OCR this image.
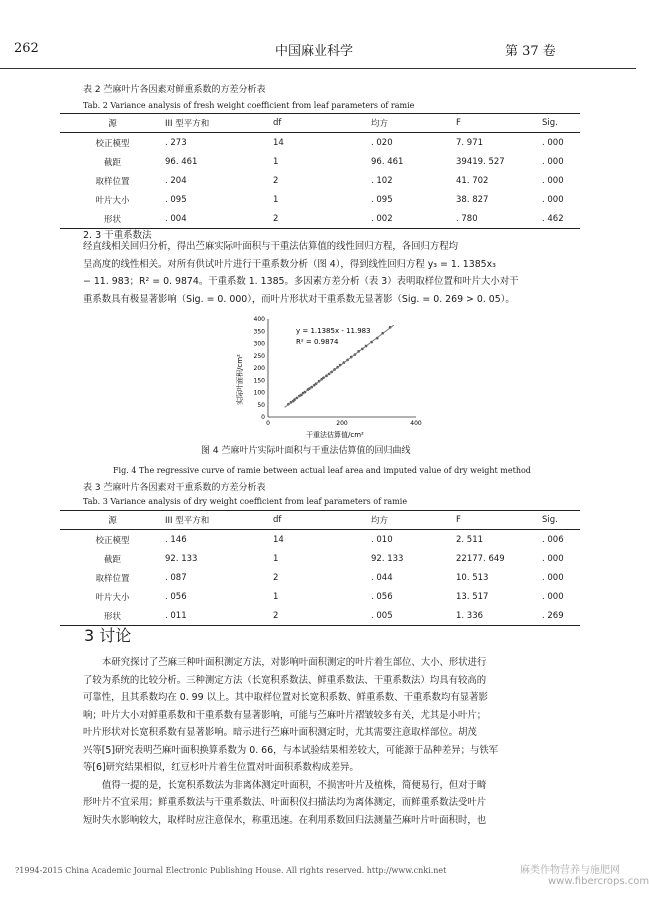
262	中国麻业科学	第 37 卷
表 2 苎麻叶片各因素对鲜重系数的方差分析表
Tab. 2 Variance analysis of fresh weight coefficient from leaf parameters of ramie
源	III 型平方和	df	均方	F	Sig.
校正模型	. 273	14	. 020	7. 971	. 000
截距	96. 461	1	96. 461	39419. 527	. 000
取样位置	. 204	2	. 102	41. 702	. 000
叶片大小	. 095	1	. 095	38. 827	. 000
形状	. 004	2	. 002	. 780	. 462
2. 3 干重系数法

经直线相关回归分析，得出苎麻实际叶面积与干重法估算值的线性回归方程，各回归方程均

呈高度的线性相关。对所有供试叶片进行干重系数分析（图 4），得到线性回归方程 y₃ = 1. 1385x₃

− 11. 983；R² = 0. 9874。干重系数 1. 1385。多因素方差分析（表 3）表明取样位置和叶片大小对干

重系数具有极显著影响（Sig. = 0. 000），而叶片形状对干重系数无显著影（Sig. = 0. 269 > 0. 05）。

0
50
100
150
200
250
300
350
400
0	200	400
y = 1.1385x - 11.983
R² = 0.9874
实际叶面积/cm²
干重法估算值/cm²
图 4 苎麻叶片实际叶面积与干重法估算值的回归曲线
Fig. 4 The regressive curve of ramie between actual leaf area and imputed value of dry weight method
表 3 苎麻叶片各因素对干重系数的方差分析表
Tab. 3 Variance analysis of dry weight coefficient from leaf parameters of ramie
源	III 型平方和	df	均方	F	Sig.
校正模型	. 146	14	. 010	2. 511	. 006
截距	92. 133	1	92. 133	22177. 649	. 000
取样位置	. 087	2	. 044	10. 513	. 000
叶片大小	. 056	1	. 056	13. 517	. 000
形状	. 011	2	. 005	1. 336	. 269
3 讨论

本研究探讨了苎麻三种叶面积测定方法，对影响叶面积测定的叶片着生部位、大小、形状进行

了较为系统的比较分析。三种测定方法（长宽积系数法、鲜重系数法、干重系数法）均具有较高的

可靠性，且其系数均在 0. 99 以上。其中取样位置对长宽积系数、鲜重系数、干重系数均有显著影

响；叶片大小对鲜重系数和干重系数有显著影响，可能与苎麻叶片褶皱较多有关，尤其是小叶片；

叶片形状对长宽积系数有显著影响。暗示进行苎麻叶面积测定时，尤其需要注意取样部位。胡茂

兴等[5]研究表明苎麻叶面积换算系数为 0. 66，与本试验结果相差较大，可能源于品种差异；与铁军

等[6]研究结果相似，红豆杉叶片着生位置对叶面积系数构成差异。

值得一提的是，长宽积系数法为非离体测定叶面积，不损害叶片及植株，简便易行，但对于畸

形叶片不宜采用；鲜重系数法与干重系数法、叶面积仪扫描法均为离体测定，而鲜重系数法受叶片

短时失水影响较大，取样时应注意保水，称重迅速。在利用系数回归法测量苎麻叶片叶面积时，也

?1994-2015 China Academic Journal Electronic Publishing House. All rights reserved. http://www.cnki.net	麻类作物营养与施肥网
www.fibercrops.com
